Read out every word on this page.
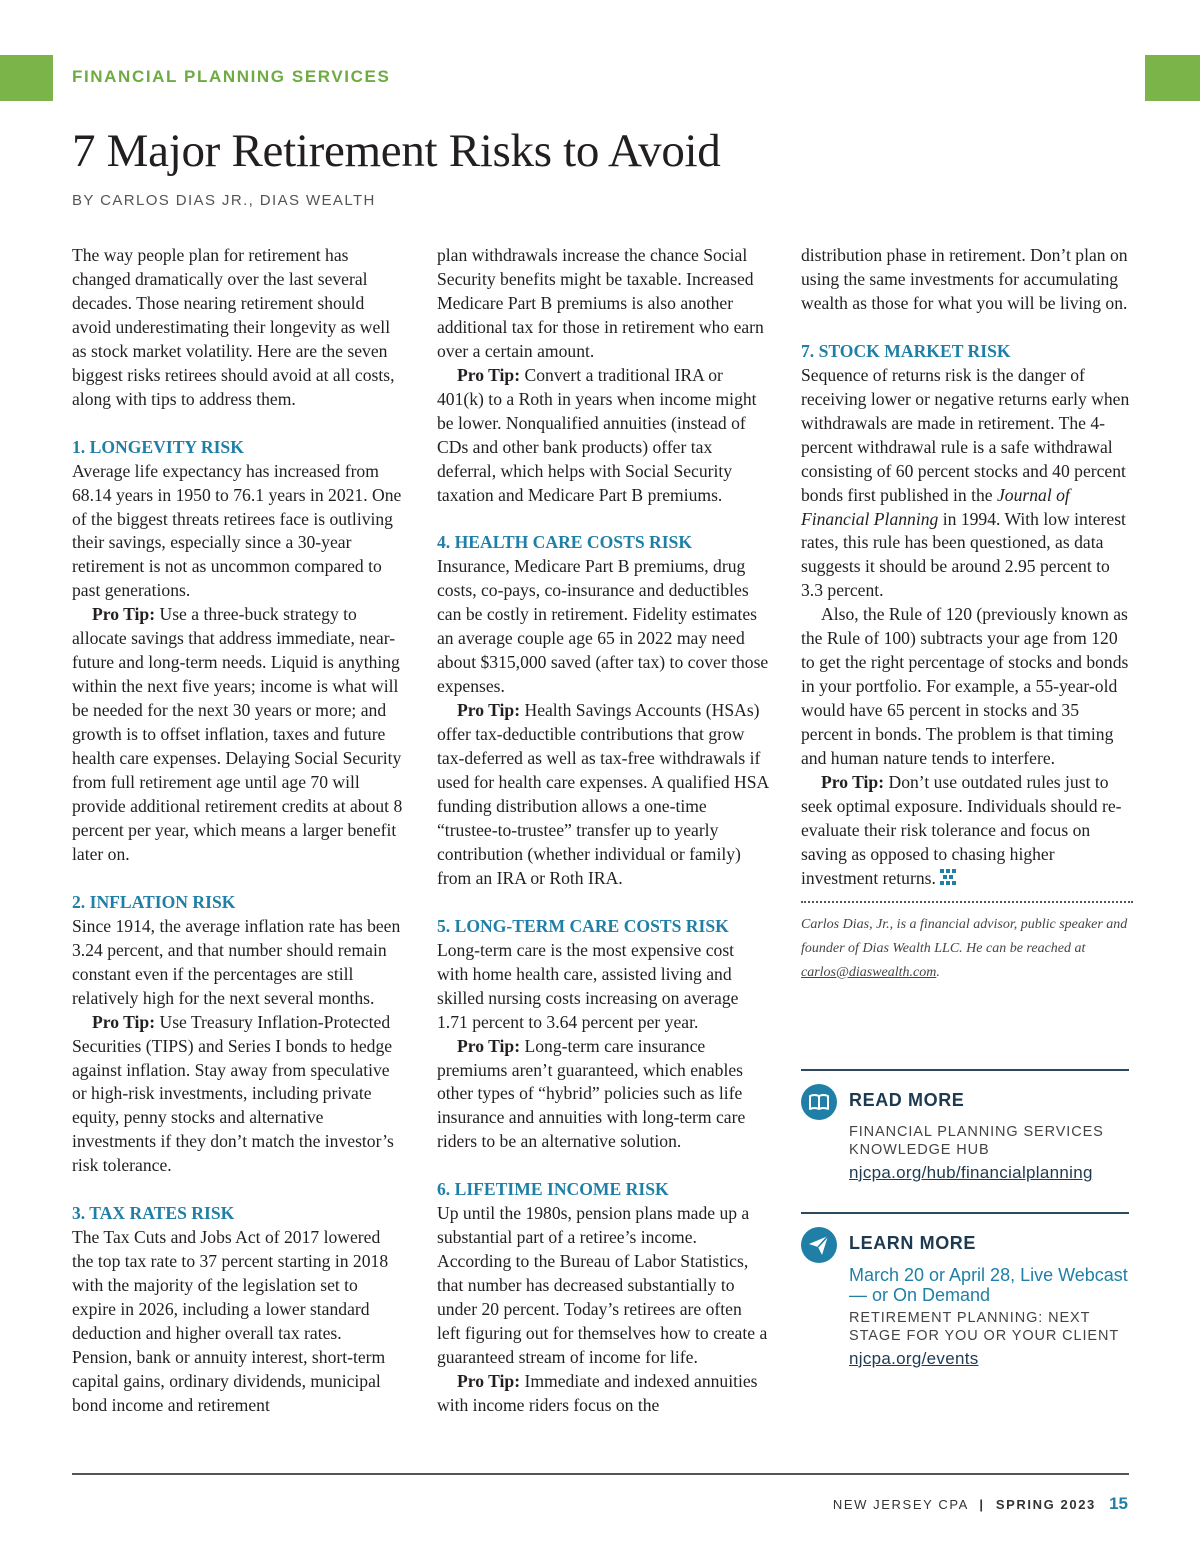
FINANCIAL PLANNING SERVICES
7 Major Retirement Risks to Avoid
BY CARLOS DIAS JR., DIAS WEALTH

The way people plan for retirement has changed dramatically over the last several decades. Those nearing retirement should avoid underestimating their longevity as well as stock market volatility. Here are the seven biggest risks retirees should avoid at all costs, along with tips to address them.

1. LONGEVITY RISK

Average life expectancy has increased from 68.14 years in 1950 to 76.1 years in 2021. One of the biggest threats retirees face is outliving their savings, especially since a 30-year retirement is not as uncommon compared to past generations.

Pro Tip: Use a three-buck strategy to allocate savings that address immediate, near-future and long-term needs. Liquid is anything within the next five years; income is what will be needed for the next 30 years or more; and growth is to offset inflation, taxes and future health care expenses. Delaying Social Security from full retirement age until age 70 will provide additional retirement credits at about 8 percent per year, which means a larger benefit later on.

2. INFLATION RISK

Since 1914, the average inflation rate has been 3.24 percent, and that number should remain constant even if the percentages are still relatively high for the next several months.

Pro Tip: Use Treasury Inflation-Protected Securities (TIPS) and Series I bonds to hedge against inflation. Stay away from speculative or high-risk investments, including private equity, penny stocks and alternative investments if they don’t match the investor’s risk tolerance.

3. TAX RATES RISK

The Tax Cuts and Jobs Act of 2017 lowered the top tax rate to 37 percent starting in 2018 with the majority of the legislation set to expire in 2026, including a lower standard deduction and higher overall tax rates. Pension, bank or annuity interest, short-term capital gains, ordinary dividends, municipal bond income and retirement

plan withdrawals increase the chance Social Security benefits might be taxable. Increased Medicare Part B premiums is also another additional tax for those in retirement who earn over a certain amount.

Pro Tip: Convert a traditional IRA or 401(k) to a Roth in years when income might be lower. Nonqualified annuities (instead of CDs and other bank products) offer tax deferral, which helps with Social Security taxation and Medicare Part B premiums.

4. HEALTH CARE COSTS RISK

Insurance, Medicare Part B premiums, drug costs, co-pays, co-insurance and deductibles can be costly in retirement. Fidelity estimates an average couple age 65 in 2022 may need about $315,000 saved (after tax) to cover those expenses.

Pro Tip: Health Savings Accounts (HSAs) offer tax-deductible contributions that grow tax-deferred as well as tax-free withdrawals if used for health care expenses. A qualified HSA funding distribution allows a one-time “trustee-to-trustee” transfer up to yearly contribution (whether individual or family) from an IRA or Roth IRA.

5. LONG-TERM CARE COSTS RISK

Long-term care is the most expensive cost with home health care, assisted living and skilled nursing costs increasing on average 1.71 percent to 3.64 percent per year.

Pro Tip: Long-term care insurance premiums aren’t guaranteed, which enables other types of “hybrid” policies such as life insurance and annuities with long-term care riders to be an alternative solution.

6. LIFETIME INCOME RISK

Up until the 1980s, pension plans made up a substantial part of a retiree’s income. According to the Bureau of Labor Statistics, that number has decreased substantially to under 20 percent. Today’s retirees are often left figuring out for themselves how to create a guaranteed stream of income for life.

Pro Tip: Immediate and indexed annuities with income riders focus on the

distribution phase in retirement. Don’t plan on using the same investments for accumulating wealth as those for what you will be living on.

7. STOCK MARKET RISK

Sequence of returns risk is the danger of receiving lower or negative returns early when withdrawals are made in retirement. The 4-percent withdrawal rule is a safe withdrawal consisting of 60 percent stocks and 40 percent bonds first published in the Journal of Financial Planning in 1994. With low interest rates, this rule has been questioned, as data suggests it should be around 2.95 percent to 3.3 percent.

Also, the Rule of 120 (previously known as the Rule of 100) subtracts your age from 120 to get the right percentage of stocks and bonds in your portfolio. For example, a 55-year-old would have 65 percent in stocks and 35 percent in bonds. The problem is that timing and human nature tends to interfere.

Pro Tip: Don’t use outdated rules just to seek optimal exposure. Individuals should re-evaluate their risk tolerance and focus on saving as opposed to chasing higher investment returns.

Carlos Dias, Jr., is a financial advisor, public speaker and founder of Dias Wealth LLC. He can be reached at carlos@diaswealth.com.

READ MORE
FINANCIAL PLANNING SERVICES KNOWLEDGE HUB
njcpa.org/hub/financialplanning
LEARN MORE
March 20 or April 28, Live Webcast — or On Demand
RETIREMENT PLANNING: NEXT STAGE FOR YOU OR YOUR CLIENT
njcpa.org/events
NEW JERSEY CPA | SPRING 2023 15
